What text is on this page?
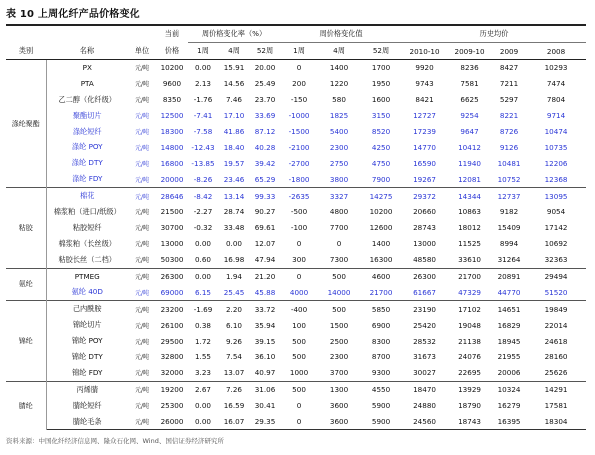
表 10 上周化纤产品价格变化
			当前	周价格变化率（%）			周价格变化值			历史均价			
类别	名称	单位	价格	1周	4周	52周	1周	4周	52周	2010-10	2009-10	2009	2008
涤纶聚酯	PX	元/吨	10200	0.00	15.91	20.00	0	1400	1700	9920	8236	8427	10293
	PTA	元/吨	9600	2.13	14.56	25.49	200	1220	1950	9743	7581	7211	7474
	乙二醇（化纤级）	元/吨	8350	-1.76	7.46	23.70	-150	580	1600	8421	6625	5297	7804
	聚酯切片	元/吨	12500	-7.41	17.10	33.69	-1000	1825	3150	12727	9254	8221	9714
	涤纶短纤	元/吨	18300	-7.58	41.86	87.12	-1500	5400	8520	17239	9647	8726	10474
	涤纶 POY	元/吨	14800	-12.43	18.40	40.28	-2100	2300	4250	14770	10412	9126	10735
	涤纶 DTY	元/吨	16800	-13.85	19.57	39.42	-2700	2750	4750	16590	11940	10481	12206
	涤纶 FDY	元/吨	20000	-8.26	23.46	65.29	-1800	3800	7900	19267	12081	10752	12368
粘胶	棉花	元/吨	28646	-8.42	13.14	99.33	-2635	3327	14275	29372	14344	12737	13095
	棉浆粕（进口/纸级）	元/吨	21500	-2.27	28.74	90.27	-500	4800	10200	20660	10863	9182	9054
	粘胶短纤	元/吨	30700	-0.32	33.48	69.61	-100	7700	12600	28743	18012	15409	17142
	棉浆粕（长丝级）	元/吨	13000	0.00	0.00	12.07	0	0	1400	13000	11525	8994	10692
	粘胶长丝（二档）	元/吨	50300	0.60	16.98	47.94	300	7300	16300	48580	33610	31264	32363
氨纶	PTMEG	元/吨	26300	0.00	1.94	21.20	0	500	4600	26300	21700	20891	29494
	氨纶 40D	元/吨	69000	6.15	25.45	45.88	4000	14000	21700	61667	47329	44770	51520
锦纶	己内酰胺	元/吨	23200	-1.69	2.20	33.72	-400	500	5850	23190	17102	14651	19849
	锦纶切片	元/吨	26100	0.38	6.10	35.94	100	1500	6900	25420	19048	16829	22014
	锦纶 POY	元/吨	29500	1.72	9.26	39.15	500	2500	8300	28532	21138	18945	24618
	锦纶 DTY	元/吨	32800	1.55	7.54	36.10	500	2300	8700	31673	24076	21955	28160
	锦纶 FDY	元/吨	32000	3.23	13.07	40.97	1000	3700	9300	30027	22695	20006	25626
腈纶	丙烯腈	元/吨	19200	2.67	7.26	31.06	500	1300	4550	18470	13929	10324	14291
	腈纶短纤	元/吨	25300	0.00	16.59	30.41	0	3600	5900	24880	18790	16279	17581
	腈纶毛条	元/吨	26000	0.00	16.07	29.35	0	3600	5900	24560	18743	16395	18304
资料来源：中国化纤经济信息网、隆众石化网、Wind、国信证券经济研究所
